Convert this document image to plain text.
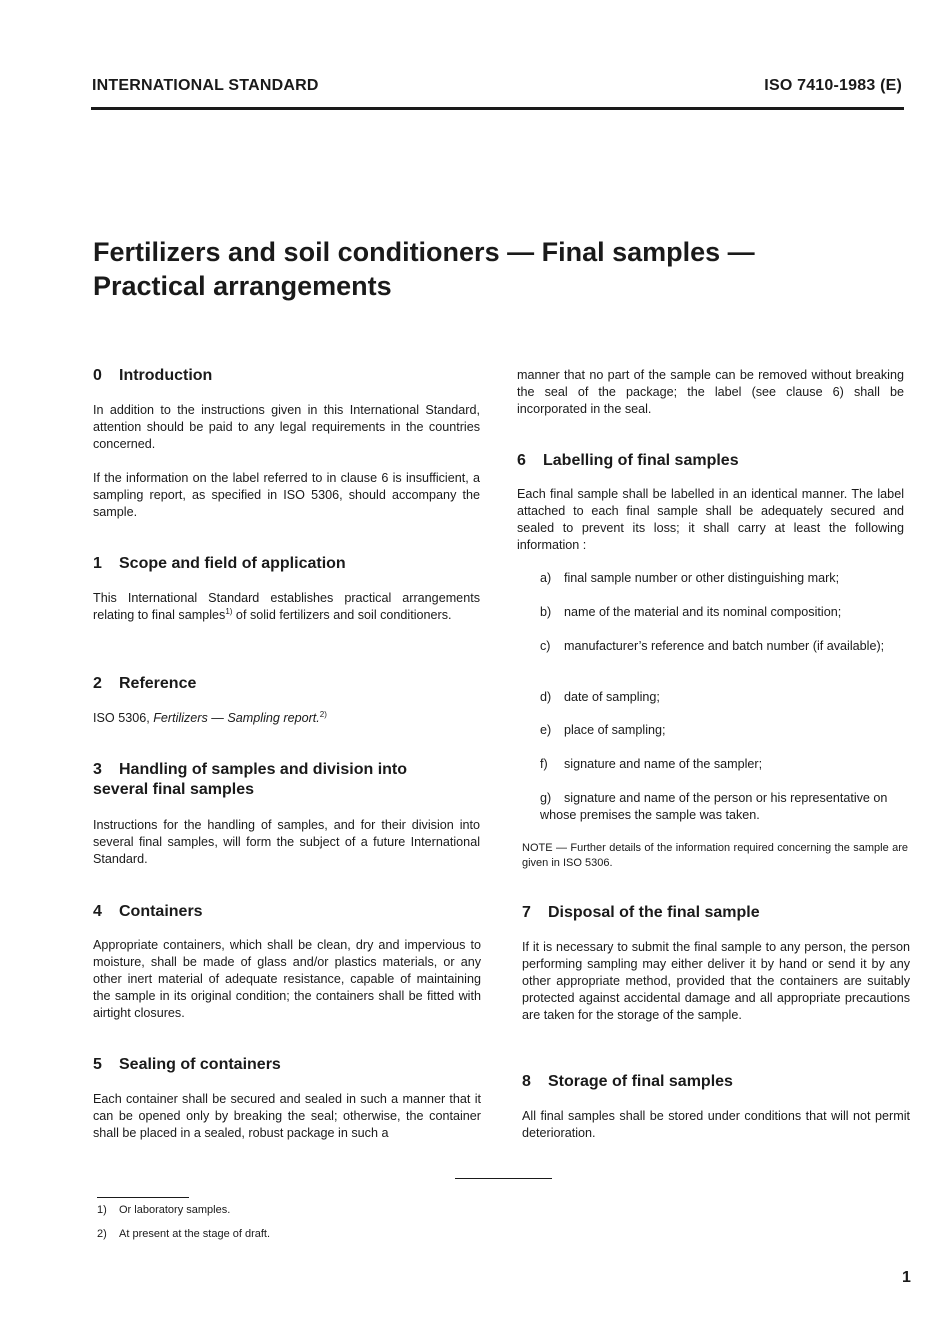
INTERNATIONAL STANDARD	ISO 7410-1983 (E)
Fertilizers and soil conditioners — Final samples —
Practical arrangements
0 Introduction
In addition to the instructions given in this International Standard, attention should be paid to any legal requirements in the countries concerned.
If the information on the label referred to in clause 6 is insufficient, a sampling report, as specified in ISO 5306, should accompany the sample.
1 Scope and field of application
This International Standard establishes practical arrangements relating to final samples$^{1)}$ of solid fertilizers and soil conditioners.
2 Reference
ISO 5306, Fertilizers — Sampling report.$^{2)}$
3 Handling of samples and division into
several final samples
Instructions for the handling of samples, and for their division into several final samples, will form the subject of a future International Standard.
4 Containers
Appropriate containers, which shall be clean, dry and impervious to moisture, shall be made of glass and/or plastics materials, or any other inert material of adequate resistance, capable of maintaining the sample in its original condition; the containers shall be fitted with airtight closures.
5 Sealing of containers
Each container shall be secured and sealed in such a manner that it can be opened only by breaking the seal; otherwise, the container shall be placed in a sealed, robust package in such a
manner that no part of the sample can be removed without breaking the seal of the package; the label (see clause 6) shall be incorporated in the seal.
6 Labelling of final samples
Each final sample shall be labelled in an identical manner. The label attached to each final sample shall be adequately secured and sealed to prevent its loss; it shall carry at least the following information :
a) final sample number or other distinguishing mark;
b) name of the material and its nominal composition;
c) manufacturer’s reference and batch number (if available);
d) date of sampling;
e) place of sampling;
f) signature and name of the sampler;
g) signature and name of the person or his representative on whose premises the sample was taken.
NOTE — Further details of the information required concerning the sample are given in ISO 5306.
7 Disposal of the final sample
If it is necessary to submit the final sample to any person, the person performing sampling may either deliver it by hand or send it by any other appropriate method, provided that the containers are suitably protected against accidental damage and all appropriate precautions are taken for the storage of the sample.
8 Storage of final samples
All final samples shall be stored under conditions that will not permit deterioration.
1) Or laboratory samples.
2) At present at the stage of draft.
1
